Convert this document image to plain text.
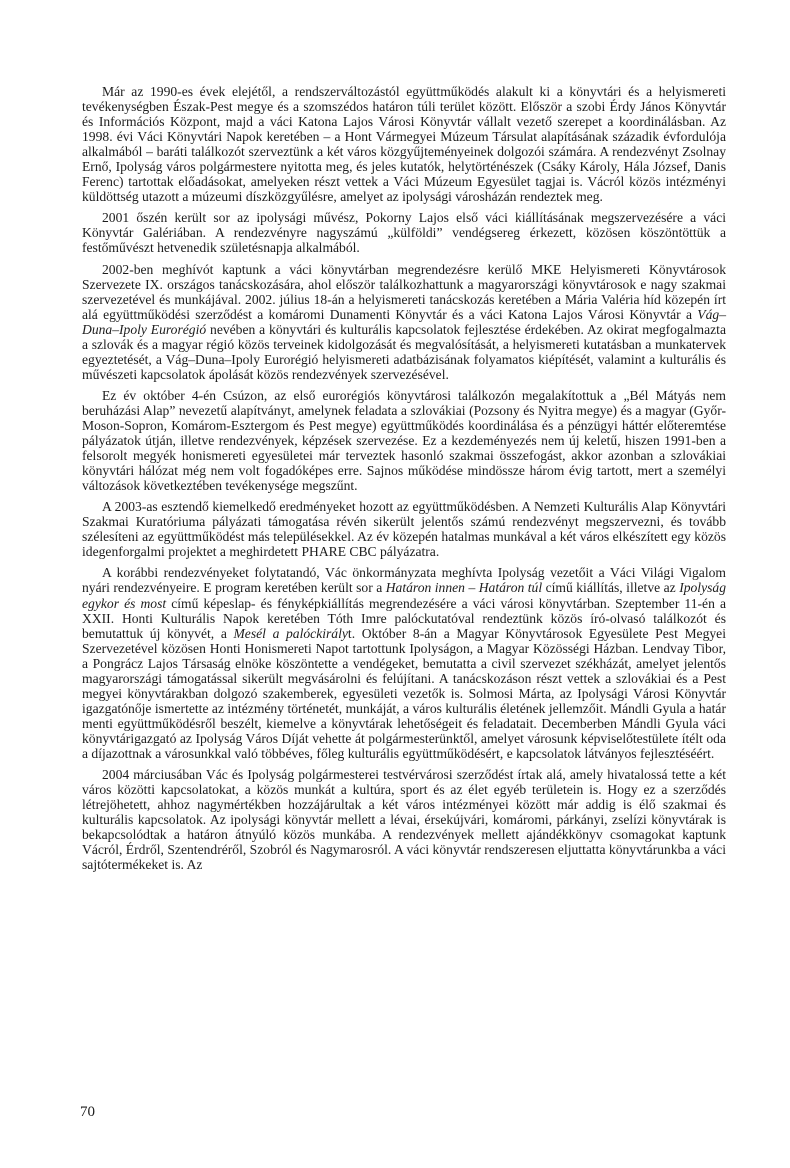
Már az 1990-es évek elejétől, a rendszerváltozástól együttműködés alakult ki a könyvtári és a helyismereti tevékenységben Észak-Pest megye és a szomszédos határon túli terület között. Először a szobi Érdy János Könyvtár és Információs Központ, majd a váci Katona Lajos Városi Könyvtár vállalt vezető szerepet a koordinálásban. Az 1998. évi Váci Könyvtári Napok keretében – a Hont Vármegyei Múzeum Társulat alapításának századik évfordulója alkalmából – baráti találkozót szerveztünk a két város közgyűjteményeinek dolgozói számára. A rendezvényt Zsolnay Ernő, Ipolyság város polgármestere nyitotta meg, és jeles kutatók, helytörténészek (Csáky Károly, Hála József, Danis Ferenc) tartottak előadásokat, amelyeken részt vettek a Váci Múzeum Egyesület tagjai is. Vácról közös intézményi küldöttség utazott a múzeumi díszközgyűlésre, amelyet az ipolysági városházán rendeztek meg.

2001 őszén került sor az ipolysági művész, Pokorny Lajos első váci kiállításának megszervezésére a váci Könyvtár Galériában. A rendezvényre nagyszámú „külföldi” vendégsereg érkezett, közösen köszöntöttük a festőművészt hetvenedik születésnapja alkalmából.

2002-ben meghívót kaptunk a váci könyvtárban megrendezésre kerülő MKE Helyismereti Könyvtárosok Szervezete IX. országos tanácskozására, ahol először találkozhattunk a magyarországi könyvtárosok e nagy szakmai szervezetével és munkájával. 2002. július 18-án a helyismereti tanácskozás keretében a Mária Valéria híd közepén írt alá együttműködési szerződést a komáromi Dunamenti Könyvtár és a váci Katona Lajos Városi Könyvtár a Vág–Duna–Ipoly Eurorégió nevében a könyvtári és kulturális kapcsolatok fejlesztése érdekében. Az okirat megfogalmazta a szlovák és a magyar régió közös terveinek kidolgozását és megvalósítását, a helyismereti kutatásban a munkatervek egyeztetését, a Vág–Duna–Ipoly Eurorégió helyismereti adatbázisának folyamatos kiépítését, valamint a kulturális és művészeti kapcsolatok ápolását közös rendezvények szervezésével.

Ez év október 4-én Csúzon, az első eurorégiós könyvtárosi találkozón megalakítottuk a „Bél Mátyás nem beruházási Alap” nevezetű alapítványt, amelynek feladata a szlovákiai (Pozsony és Nyitra megye) és a magyar (Győr-Moson-Sopron, Komárom-Esztergom és Pest megye) együttműködés koordinálása és a pénzügyi háttér előteremtése pályázatok útján, illetve rendezvények, képzések szervezése. Ez a kezdeményezés nem új keletű, hiszen 1991-ben a felsorolt megyék honismereti egyesületei már terveztek hasonló szakmai összefogást, akkor azonban a szlovákiai könyvtári hálózat még nem volt fogadóképes erre. Sajnos működése mindössze három évig tartott, mert a személyi változások következtében tevékenysége megszűnt.

A 2003-as esztendő kiemelkedő eredményeket hozott az együttműködésben. A Nemzeti Kulturális Alap Könyvtári Szakmai Kuratóriuma pályázati támogatása révén sikerült jelentős számú rendezvényt megszervezni, és tovább szélesíteni az együttműködést más településekkel. Az év közepén hatalmas munkával a két város elkészített egy közös idegenforgalmi projektet a meghirdetett PHARE CBC pályázatra.

A korábbi rendezvényeket folytatandó, Vác önkormányzata meghívta Ipolyság vezetőit a Váci Világi Vigalom nyári rendezvényeire. E program keretében került sor a Határon innen – Határon túl című kiállítás, illetve az Ipolyság egykor és most című képeslap- és fényképkiállítás megrendezésére a váci városi könyvtárban. Szeptember 11-én a XXII. Honti Kulturális Napok keretében Tóth Imre palóckutatóval rendeztünk közös író-olvasó találkozót és bemutattuk új könyvét, a Mesél a palóckirályt. Október 8-án a Magyar Könyvtárosok Egyesülete Pest Megyei Szervezetével közösen Honti Honismereti Napot tartottunk Ipolyságon, a Magyar Közösségi Házban. Lendvay Tibor, a Pongrácz Lajos Társaság elnöke köszöntette a vendégeket, bemutatta a civil szervezet székházát, amelyet jelentős magyarországi támogatással sikerült megvásárolni és felújítani. A tanácskozáson részt vettek a szlovákiai és a Pest megyei könyvtárakban dolgozó szakemberek, egyesületi vezetők is. Solmosi Márta, az Ipolysági Városi Könyvtár igazgatónője ismertette az intézmény történetét, munkáját, a város kulturális életének jellemzőit. Mándli Gyula a határ menti együttműködésről beszélt, kiemelve a könyvtárak lehetőségeit és feladatait. Decemberben Mándli Gyula váci könyvtárigazgató az Ipolyság Város Díját vehette át polgármesterünktől, amelyet városunk képviselőtestülete ítélt oda a díjazottnak a városunkkal való többéves, főleg kulturális együttműködésért, e kapcsolatok látványos fejlesztéséért.

2004 márciusában Vác és Ipolyság polgármesterei testvérvárosi szerződést írtak alá, amely hivatalossá tette a két város közötti kapcsolatokat, a közös munkát a kultúra, sport és az élet egyéb területein is. Hogy ez a szerződés létrejöhetett, ahhoz nagymértékben hozzájárultak a két város intézményei között már addig is élő szakmai és kulturális kapcsolatok. Az ipolysági könyvtár mellett a lévai, érsekújvári, komáromi, párkányi, zselízi könyvtárak is bekapcsolódtak a határon átnyúló közös munkába. A rendezvények mellett ajándékkönyv csomagokat kaptunk Vácról, Érdről, Szentendréről, Szobról és Nagymarosról. A váci könyvtár rendszeresen eljuttatta könyvtárunkba a váci sajtótermékeket is. Az

70
